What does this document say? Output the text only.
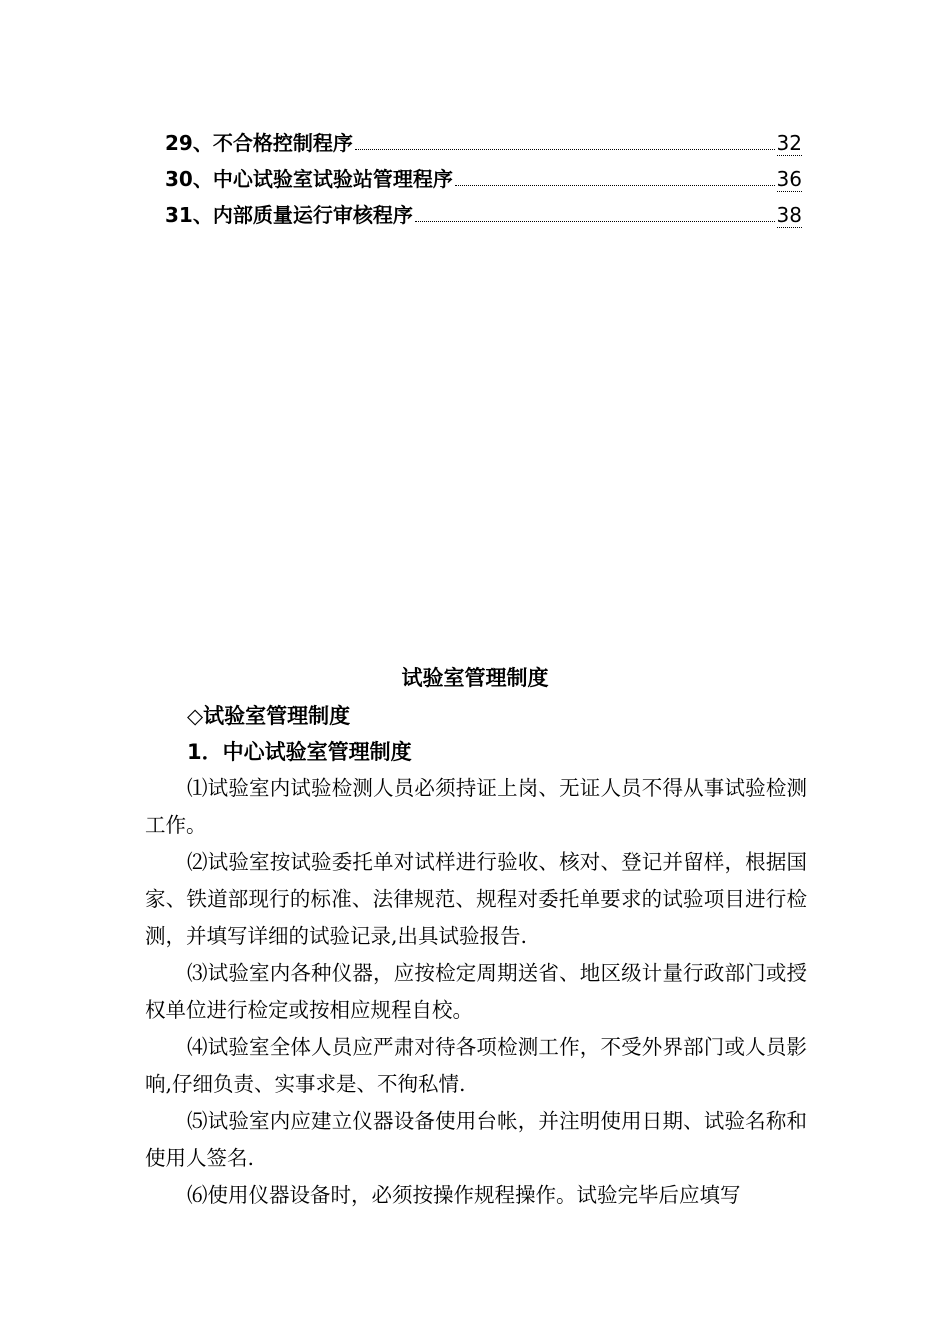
29、不合格控制程序	32
30、中心试验室试验站管理程序	36
31、内部质量运行审核程序	38
试验室管理制度
◇试验室管理制度
1．中心试验室管理制度

⑴试验室内试验检测人员必须持证上岗、无证人员不得从事试验检测工作。

⑵试验室按试验委托单对试样进行验收、核对、登记并留样，根据国家、铁道部现行的标准、法律规范、规程对委托单要求的试验项目进行检测，并填写详细的试验记录,出具试验报告.

⑶试验室内各种仪器，应按检定周期送省、地区级计量行政部门或授权单位进行检定或按相应规程自校。

⑷试验室全体人员应严肃对待各项检测工作，不受外界部门或人员影响,仔细负责、实事求是、不徇私情.

⑸试验室内应建立仪器设备使用台帐，并注明使用日期、试验名称和使用人签名.

⑹使用仪器设备时，必须按操作规程操作。试验完毕后应填写
